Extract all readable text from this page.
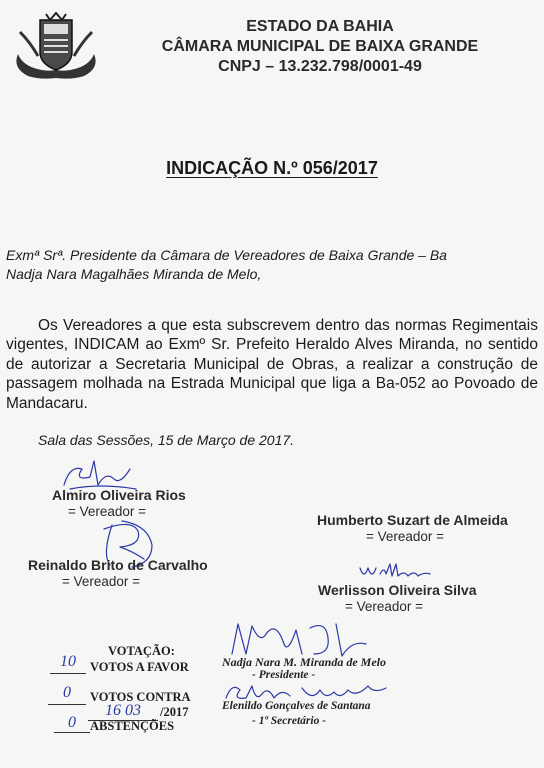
ESTADO DA BAHIA
CÂMARA MUNICIPAL DE BAIXA GRANDE
CNPJ – 13.232.798/0001-49
INDICAÇÃO N.º 056/2017
Exmª Srª. Presidente da Câmara de Vereadores de Baixa Grande – Ba
Nadja Nara Magalhães Miranda de Melo,
Os Vereadores a que esta subscrevem dentro das normas Regimentais vigentes, INDICAM ao Exmº Sr. Prefeito Heraldo Alves Miranda, no sentido de autorizar a Secretaria Municipal de Obras, a realizar a construção de passagem molhada na Estrada Municipal que liga a Ba-052 ao Povoado de Mandacaru.
Sala das Sessões, 15 de Março de 2017.
Almiro Oliveira Rios
= Vereador =
Humberto Suzart de Almeida
= Vereador =
Reinaldo Brito de Carvalho
= Vereador =
Werlisson Oliveira Silva
= Vereador =
VOTAÇÃO:
10	VOTOS A FAVOR
0	VOTOS CONTRA
16 03	/2017
0	ABSTENÇÕES
Nadja Nara M. Miranda de Melo
- Presidente -
Elenildo Gonçalves de Santana
- 1º Secretário -
